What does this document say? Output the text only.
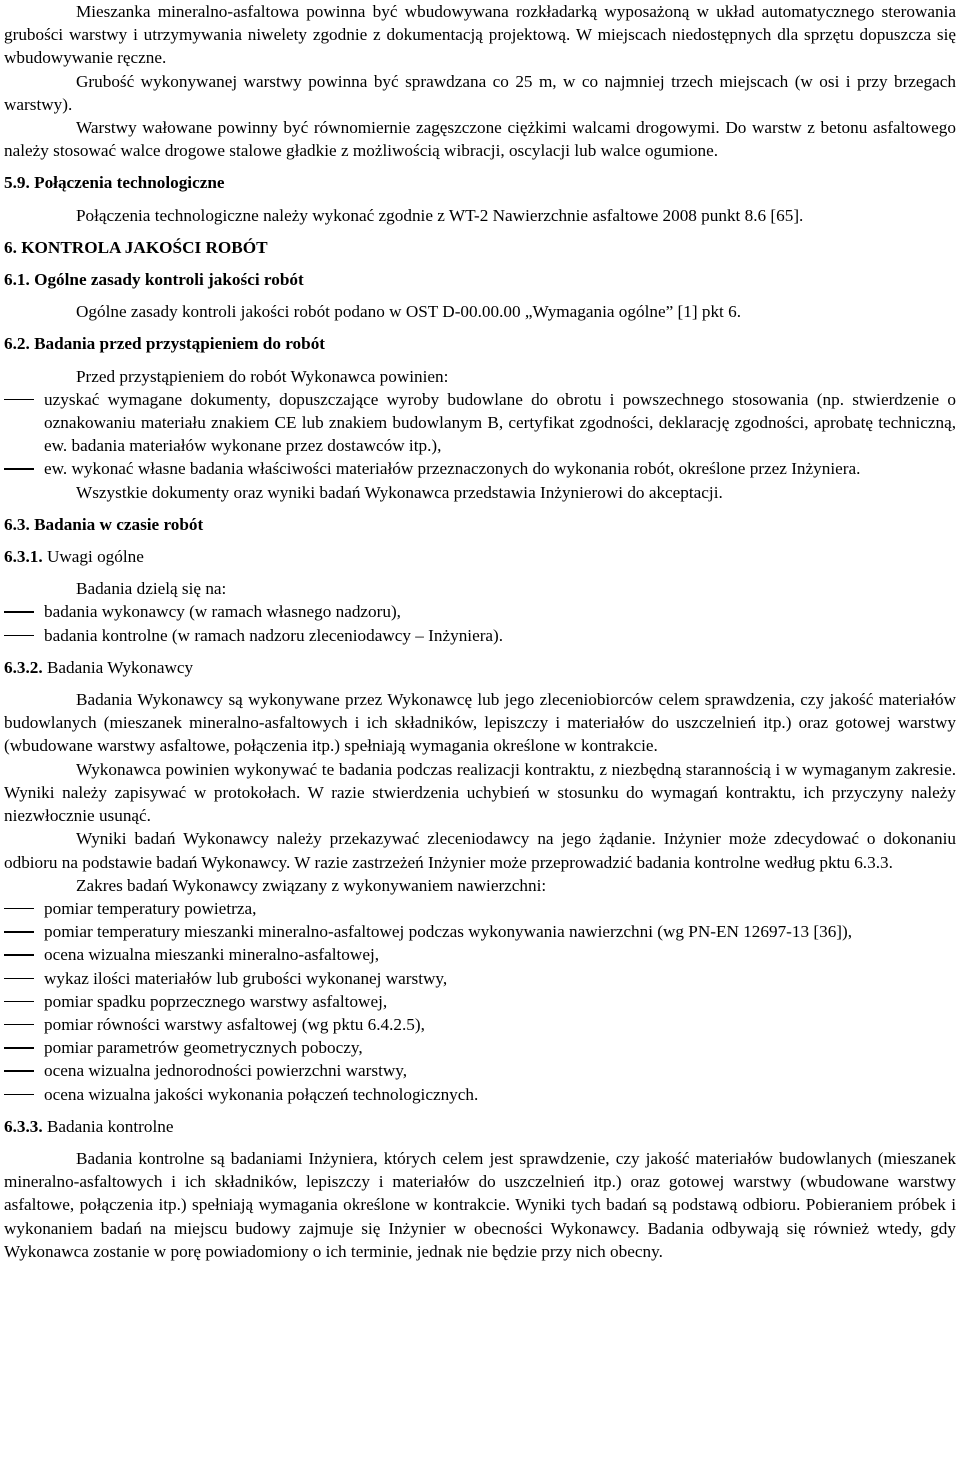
Mieszanka mineralno-asfaltowa powinna być wbudowywana rozkładarką wyposażoną w układ automatycznego sterowania grubości warstwy i utrzymywania niwelety zgodnie z dokumentacją projektową. W miejscach niedostępnych dla sprzętu dopuszcza się wbudowywanie ręczne.

Grubość wykonywanej warstwy powinna być sprawdzana co 25 m, w co najmniej trzech miejscach (w osi i przy brzegach warstwy).

Warstwy wałowane powinny być równomiernie zagęszczone ciężkimi walcami drogowymi. Do warstw z betonu asfaltowego należy stosować walce drogowe stalowe gładkie z możliwością wibracji, oscylacji lub walce ogumione.

5.9. Połączenia technologiczne

Połączenia technologiczne należy wykonać zgodnie z WT-2 Nawierzchnie asfaltowe 2008 punkt 8.6 [65].

6. KONTROLA JAKOŚCI ROBÓT

6.1. Ogólne zasady kontroli jakości robót

Ogólne zasady kontroli jakości robót podano w OST D-00.00.00 „Wymagania ogólne” [1] pkt 6.

6.2. Badania przed przystąpieniem do robót

Przed przystąpieniem do robót Wykonawca powinien:

uzyskać wymagane dokumenty, dopuszczające wyroby budowlane do obrotu i powszechnego stosowania (np. stwierdzenie o oznakowaniu materiału znakiem CE lub znakiem budowlanym B, certyfikat zgodności, deklarację zgodności, aprobatę techniczną, ew. badania materiałów wykonane przez dostawców itp.),
ew. wykonać własne badania właściwości materiałów przeznaczonych do wykonania robót, określone przez Inżyniera.

Wszystkie dokumenty oraz wyniki badań Wykonawca przedstawia Inżynierowi do akceptacji.

6.3. Badania w czasie robót

6.3.1. Uwagi ogólne

Badania dzielą się na:

badania wykonawcy (w ramach własnego nadzoru),
badania kontrolne (w ramach nadzoru zleceniodawcy – Inżyniera).

6.3.2. Badania Wykonawcy

Badania Wykonawcy są wykonywane przez Wykonawcę lub jego zleceniobiorców celem sprawdzenia, czy jakość materiałów budowlanych (mieszanek mineralno-asfaltowych i ich składników, lepiszczy i materiałów do uszczelnień itp.) oraz gotowej warstwy (wbudowane warstwy asfaltowe, połączenia itp.) spełniają wymagania określone w kontrakcie.

Wykonawca powinien wykonywać te badania podczas realizacji kontraktu, z niezbędną starannością i w wymaganym zakresie. Wyniki należy zapisywać w protokołach. W razie stwierdzenia uchybień w stosunku do wymagań kontraktu, ich przyczyny należy niezwłocznie usunąć.

Wyniki badań Wykonawcy należy przekazywać zleceniodawcy na jego żądanie. Inżynier może zdecydować o dokonaniu odbioru na podstawie badań Wykonawcy. W razie zastrzeżeń Inżynier może przeprowadzić badania kontrolne według pktu 6.3.3.

Zakres badań Wykonawcy związany z wykonywaniem nawierzchni:

pomiar temperatury powietrza,
pomiar temperatury mieszanki mineralno-asfaltowej podczas wykonywania nawierzchni (wg PN-EN 12697-13 [36]),
ocena wizualna mieszanki mineralno-asfaltowej,
wykaz ilości materiałów lub grubości wykonanej warstwy,
pomiar spadku poprzecznego warstwy asfaltowej,
pomiar równości warstwy asfaltowej (wg pktu 6.4.2.5),
pomiar parametrów geometrycznych poboczy,
ocena wizualna jednorodności powierzchni warstwy,
ocena wizualna jakości wykonania połączeń technologicznych.

6.3.3. Badania kontrolne

Badania kontrolne są badaniami Inżyniera, których celem jest sprawdzenie, czy jakość materiałów budowlanych (mieszanek mineralno-asfaltowych i ich składników, lepiszczy i materiałów do uszczelnień itp.) oraz gotowej warstwy (wbudowane warstwy asfaltowe, połączenia itp.) spełniają wymagania określone w kontrakcie. Wyniki tych badań są podstawą odbioru. Pobieraniem próbek i wykonaniem badań na miejscu budowy zajmuje się Inżynier w obecności Wykonawcy. Badania odbywają się również wtedy, gdy Wykonawca zostanie w porę powiadomiony o ich terminie, jednak nie będzie przy nich obecny.
